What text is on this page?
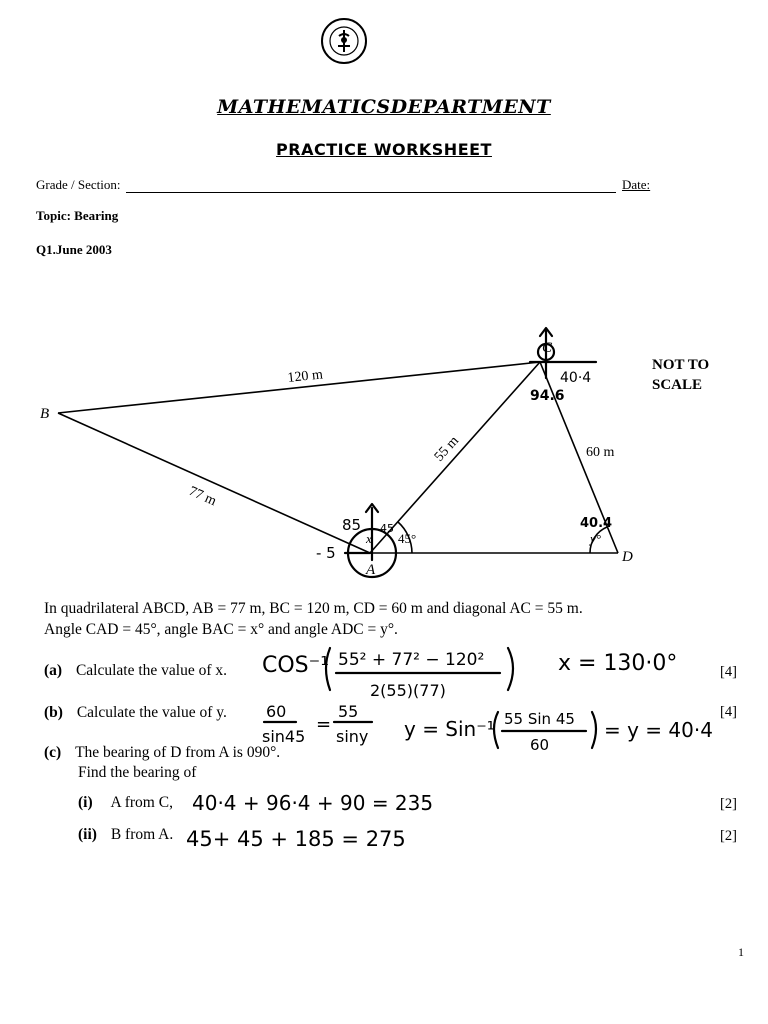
MATHEMATICSDEPARTMENT
PRACTICE WORKSHEET
Grade / Section:	Date:
Topic: Bearing
Q1.June 2003
B
C
A
D
120 m
55 m
77 m
60 m
45°
x	y°
NOT TO
SCALE
40·4
94.6
85 45
- 5
40.4
In quadrilateral ABCD, AB = 77 m, BC = 120 m, CD = 60 m and diagonal AC = 55 m.
Angle CAD = 45°, angle BAC = x° and angle ADC = y°.
(a) Calculate the value of x.	[4]
(b) Calculate the value of y.	[4]
(c) The bearing of D from A is 090°.
Find the bearing of
(i) A from C,	[2]
(ii) B from A.	[2]
COS⁻¹ 55² + 77² − 120²
2(55)(77)
x = 130·0°
60
sin45
=
55
siny y = Sin⁻¹ 55 Sin 45
60
= y = 40·4
40·4 + 96·4 + 90 = 235
45+ 45 + 185 = 275
1
